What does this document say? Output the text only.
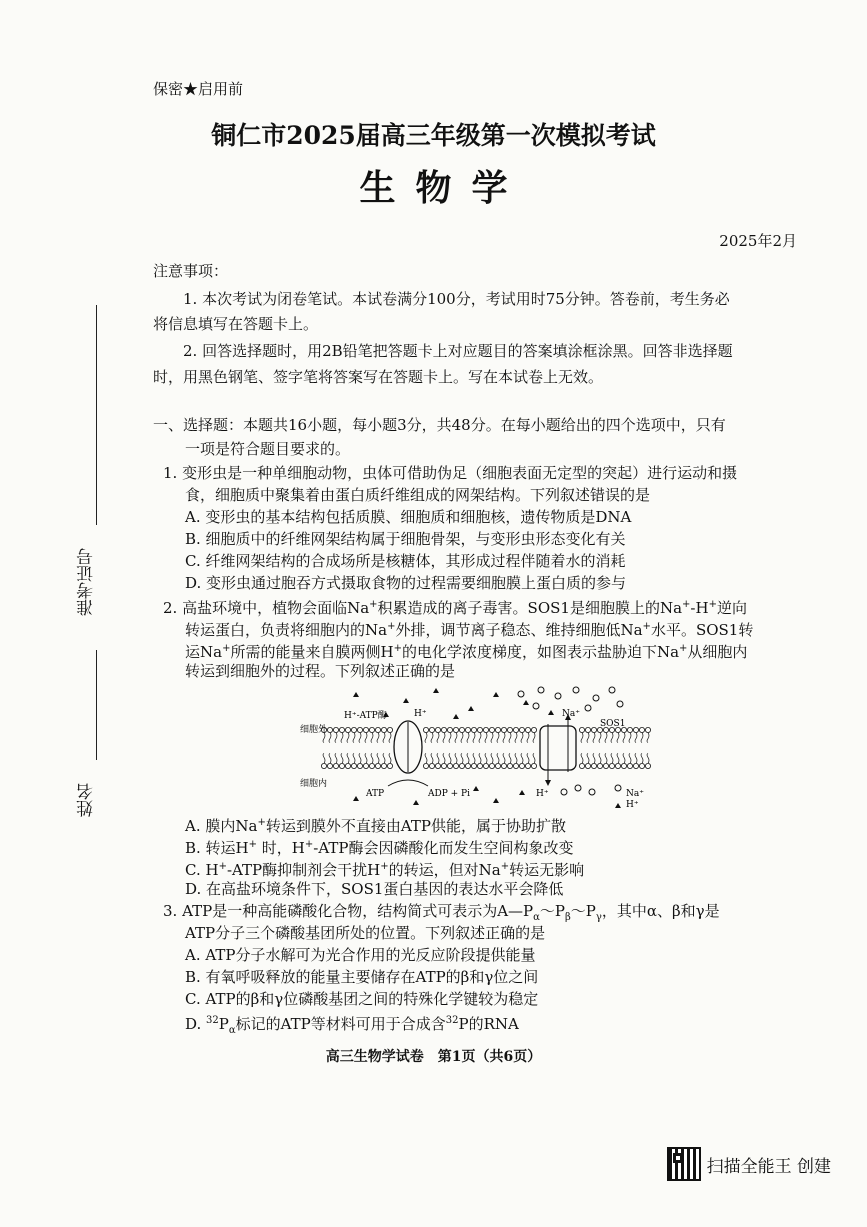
保密★启用前
铜仁市2025届高三年级第一次模拟考试
生物学
2025年2月
准考证号
姓名
注意事项：
1. 本次考试为闭卷笔试。本试卷满分100分，考试用时75分钟。答卷前，考生务必
将信息填写在答题卡上。
2. 回答选择题时，用2B铅笔把答题卡上对应题目的答案填涂框涂黑。回答非选择题
时，用黑色钢笔、签字笔将答案写在答题卡上。写在本试卷上无效。
一、选择题：本题共16小题，每小题3分，共48分。在每小题给出的四个选项中，只有
一项是符合题目要求的。
1. 变形虫是一种单细胞动物，虫体可借助伪足（细胞表面无定型的突起）进行运动和摄
食，细胞质中聚集着由蛋白质纤维组成的网架结构。下列叙述错误的是
A. 变形虫的基本结构包括质膜、细胞质和细胞核，遗传物质是DNA
B. 细胞质中的纤维网架结构属于细胞骨架，与变形虫形态变化有关
C. 纤维网架结构的合成场所是核糖体，其形成过程伴随着水的消耗
D. 变形虫通过胞吞方式摄取食物的过程需要细胞膜上蛋白质的参与
2. 高盐环境中，植物会面临Na+积累造成的离子毒害。SOS1是细胞膜上的Na+-H+逆向
转运蛋白，负责将细胞内的Na+外排，调节离子稳态、维持细胞低Na+水平。SOS1转
运Na+所需的能量来自膜两侧H+的电化学浓度梯度，如图表示盐胁迫下Na+从细胞内
转运到细胞外的过程。下列叙述正确的是
细胞外
细胞内
H⁺-ATP酶	H⁺	Na⁺
SOS1
ATP	ADP + Pi	H⁺	Na⁺
H⁺
A. 膜内Na+转运到膜外不直接由ATP供能，属于协助扩散
B. 转运H+ 时，H+-ATP酶会因磷酸化而发生空间构象改变
C. H+-ATP酶抑制剂会干扰H+的转运，但对Na+转运无影响
D. 在高盐环境条件下，SOS1蛋白基因的表达水平会降低
3. ATP是一种高能磷酸化合物，结构简式可表示为$A—P_\alpha\sim P_\beta\sim P_\gamma$，其中α、β和γ是
ATP分子三个磷酸基团所处的位置。下列叙述正确的是
A. ATP分子水解可为光合作用的光反应阶段提供能量
B. 有氧呼吸释放的能量主要储存在ATP的β和γ位之间
C. ATP的β和γ位磷酸基团之间的特殊化学键较为稳定
D. $^{32}P_\alpha$标记的ATP等材料可用于合成含$^{32}$P的RNA
高三生物学试卷　第1页（共6页）
扫描全能王 创建
